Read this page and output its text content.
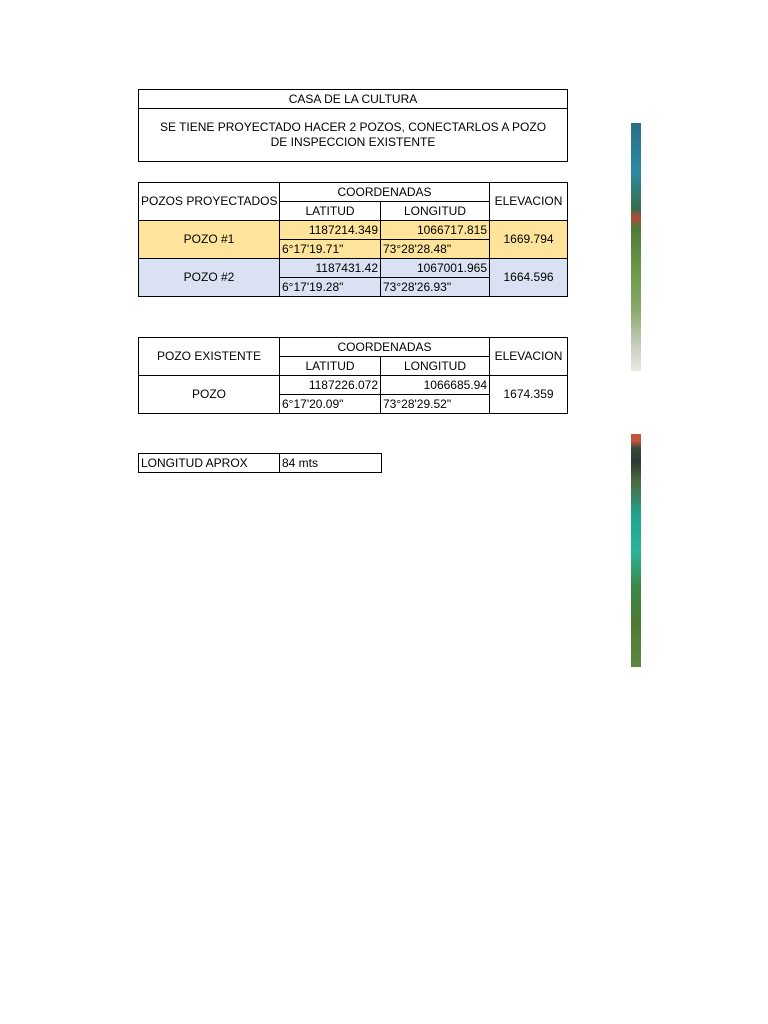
CASA DE LA CULTURA
SE TIENE PROYECTADO HACER 2 POZOS, CONECTARLOS A POZO DE INSPECCION EXISTENTE
POZOS PROYECTADOS	COORDENADAS		ELEVACION
	LATITUD	LONGITUD	
POZO #1	1187214.349	1066717.815	1669.794
	6°17'19.71"	73°28'28.48"	
POZO #2	1187431.42	1067001.965	1664.596
	6°17'19.28"	73°28'26.93"	
POZO EXISTENTE	COORDENADAS		ELEVACION
	LATITUD	LONGITUD	
POZO	1187226.072	1066685.94	1674.359
	6°17'20.09"	73°28'29.52"	
LONGITUD APROX	84 mts
